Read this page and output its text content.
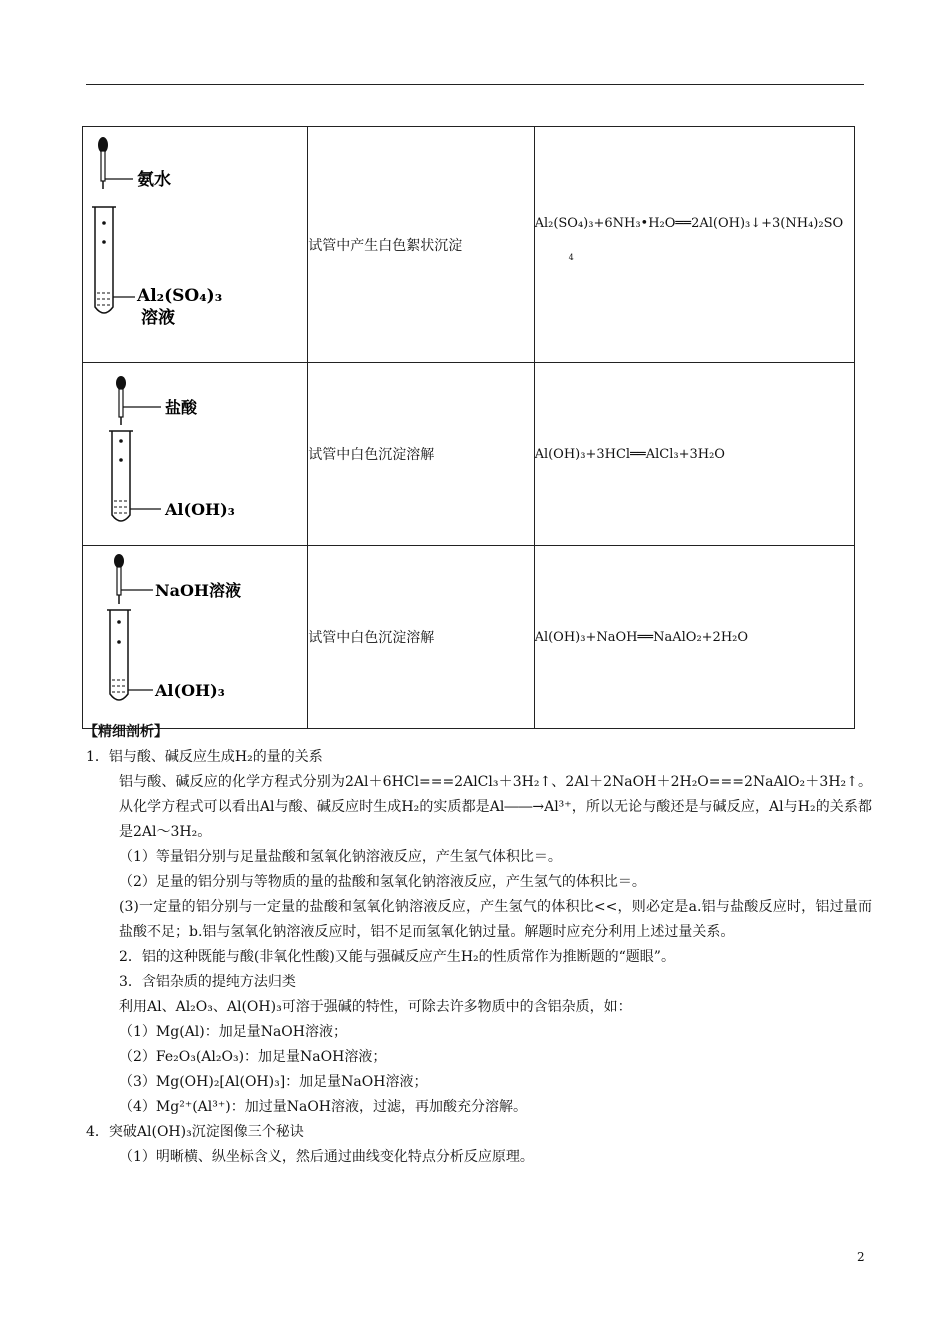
氨水
Al₂(SO₄)₃
溶液	试管中产生白色絮状沉淀	Al₂(SO₄)₃+6NH₃•H₂O══2Al(OH)₃↓+3(NH₄)₂SO
4

盐酸
Al(OH)₃	试管中白色沉淀溶解	Al(OH)₃+3HCl══AlCl₃+3H₂O

NaOH溶液
Al(OH)₃	试管中白色沉淀溶解	Al(OH)₃+NaOH══NaAlO₂+2H₂O

【精细剖析】

1．铝与酸、碱反应生成H₂的量的关系

铝与酸、碱反应的化学方程式分别为2Al＋6HCl===2AlCl₃＋3H₂↑、2Al＋2NaOH＋2H₂O===2NaAlO₂＋3H₂↑。从化学方程式可以看出Al与酸、碱反应时生成H₂的实质都是Al――→Al³⁺，所以无论与酸还是与碱反应，Al与H₂的关系都是2Al～3H₂。

（1）等量铝分别与足量盐酸和氢氧化钠溶液反应，产生氢气体积比＝。

（2）足量的铝分别与等物质的量的盐酸和氢氧化钠溶液反应，产生氢气的体积比＝。

(3)一定量的铝分别与一定量的盐酸和氢氧化钠溶液反应，产生氢气的体积比<<，则必定是a.铝与盐酸反应时，铝过量而盐酸不足；b.铝与氢氧化钠溶液反应时，铝不足而氢氧化钠过量。解题时应充分利用上述过量关系。

2．铝的这种既能与酸(非氧化性酸)又能与强碱反应产生H₂的性质常作为推断题的“题眼”。

3．含铝杂质的提纯方法归类

利用Al、Al₂O₃、Al(OH)₃可溶于强碱的特性，可除去许多物质中的含铝杂质，如：

（1）Mg(Al)：加足量NaOH溶液；

（2）Fe₂O₃(Al₂O₃)：加足量NaOH溶液；

（3）Mg(OH)₂[Al(OH)₃]：加足量NaOH溶液；

（4）Mg²⁺(Al³⁺)：加过量NaOH溶液，过滤，再加酸充分溶解。

4．突破Al(OH)₃沉淀图像三个秘诀

（1）明晰横、纵坐标含义，然后通过曲线变化特点分析反应原理。

2
